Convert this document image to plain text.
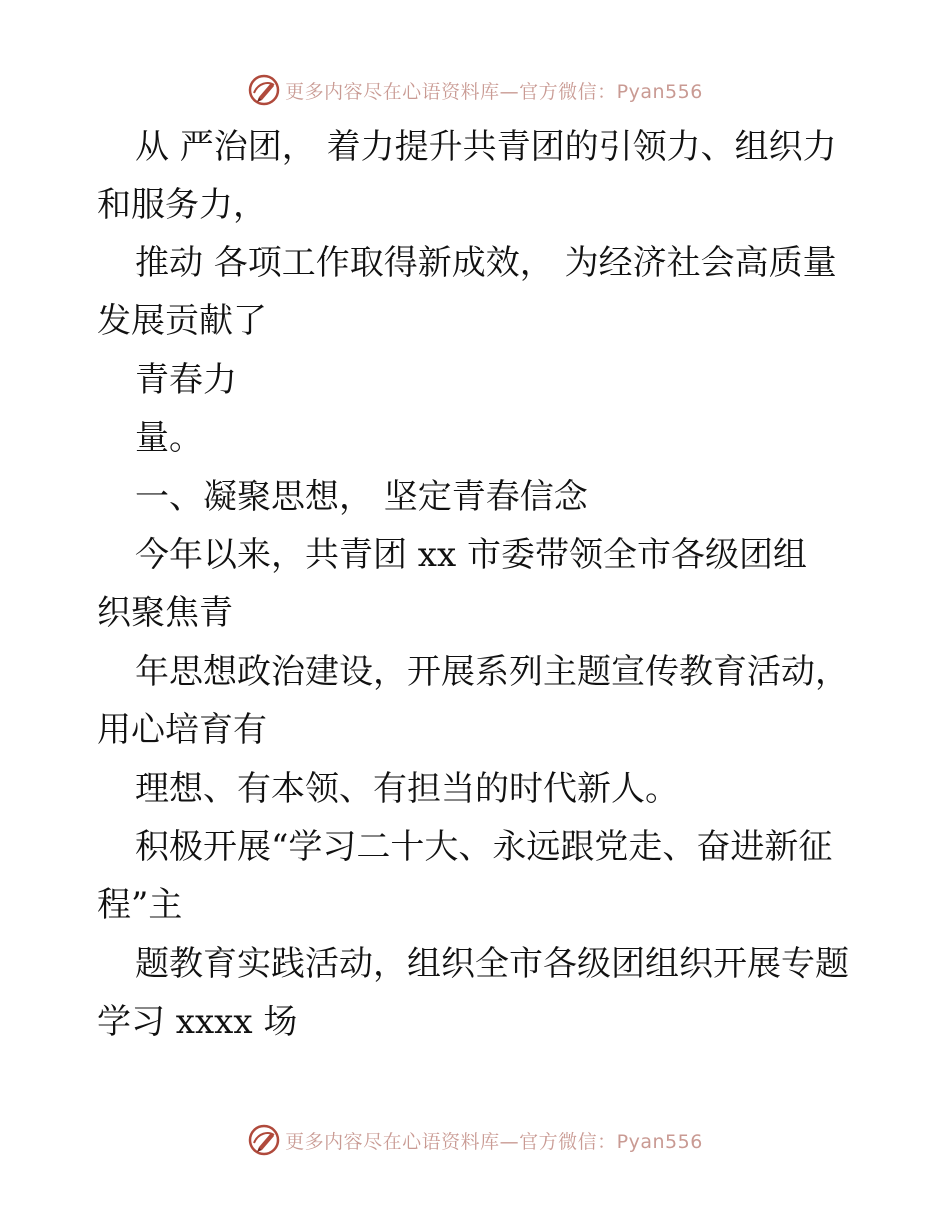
更多内容尽在心语资料库—官方微信：Pyan556
从 严治团， 着力提升共青团的引领力、组织力
和服务力，
推动 各项工作取得新成效， 为经济社会高质量
发展贡献了
青春力
量。
一、凝聚思想， 坚定青春信念
今年以来，共青团 xx 市委带领全市各级团组
织聚焦青
年思想政治建设，开展系列主题宣传教育活动，
用心培育有
理想、有本领、有担当的时代新人。
积极开展“学习二十大、永远跟党走、奋进新征
程”主
题教育实践活动，组织全市各级团组织开展专题
学习 xxxx 场
更多内容尽在心语资料库—官方微信：Pyan556
